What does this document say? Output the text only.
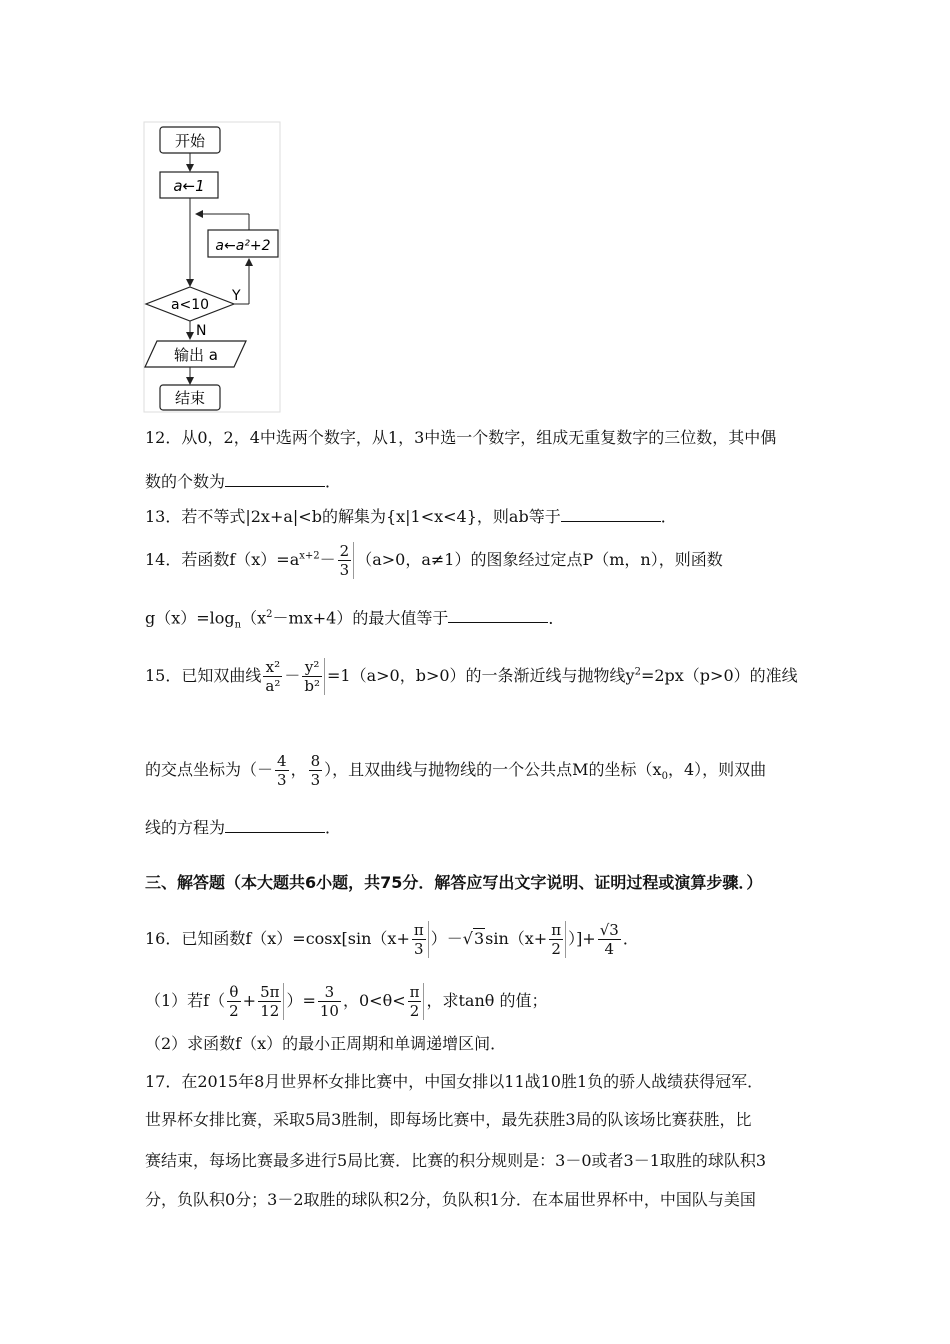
开始
a←1
a←a²+2
a<10
Y
N
输出 a
结束
12．从0，2，4中选两个数字，从1，3中选一个数字，组成无重复数字的三位数，其中偶
数的个数为	．
13．若不等式|2x+a|<b的解集为{x|1<x<4}，则ab等于	．
14．若函数$f(x)=a^{x+2}- \frac{2}{3} (a>0$，a≠1）的图象经过定点P（m，n），则函数
$g(x)=\log_n(x^2-mx+4)$的最大值等于	．
15．已知双曲线 $\frac{\text{x²}}{\text{a²}} - \frac{\text{y²}}{\text{b²}} =1(a>0$，b>0）的一条渐近线与抛物线$y^2=2px(p>0)$的准线
的交点坐标为（－ $\frac{4}{3}$ ， $\frac{8}{3}$ ），且双曲线与抛物线的一个公共点M的坐标（$x_0$，4），则双曲
线的方程为	．
三、解答题（本大题共6小题，共75分．解答应写出文字说明、证明过程或演算步骤．）
16．已知函数$f(x)=\cos x[\sin(x+ \frac{\pi}{3} )-√3\sin(x+ \frac{\pi}{2}$ ）]+ $\frac{√3}{4}$ ．
（1）若$f( \frac{\theta}{2} + \frac{5\pi}{12}$ ）= $\frac{3}{10}$ ，$0<\theta< \frac{\pi}{2}$ ，求tanθ 的值；
（2）求函数f（x）的最小正周期和单调递增区间．
17．在2015年8月世界杯女排比赛中，中国女排以11战10胜1负的骄人战绩获得冠军．
世界杯女排比赛，采取5局3胜制，即每场比赛中，最先获胜3局的队该场比赛获胜，比
赛结束，每场比赛最多进行5局比赛．比赛的积分规则是：3－0或者3－1取胜的球队积3
分，负队积0分；3－2取胜的球队积2分，负队积1分．在本届世界杯中，中国队与美国
